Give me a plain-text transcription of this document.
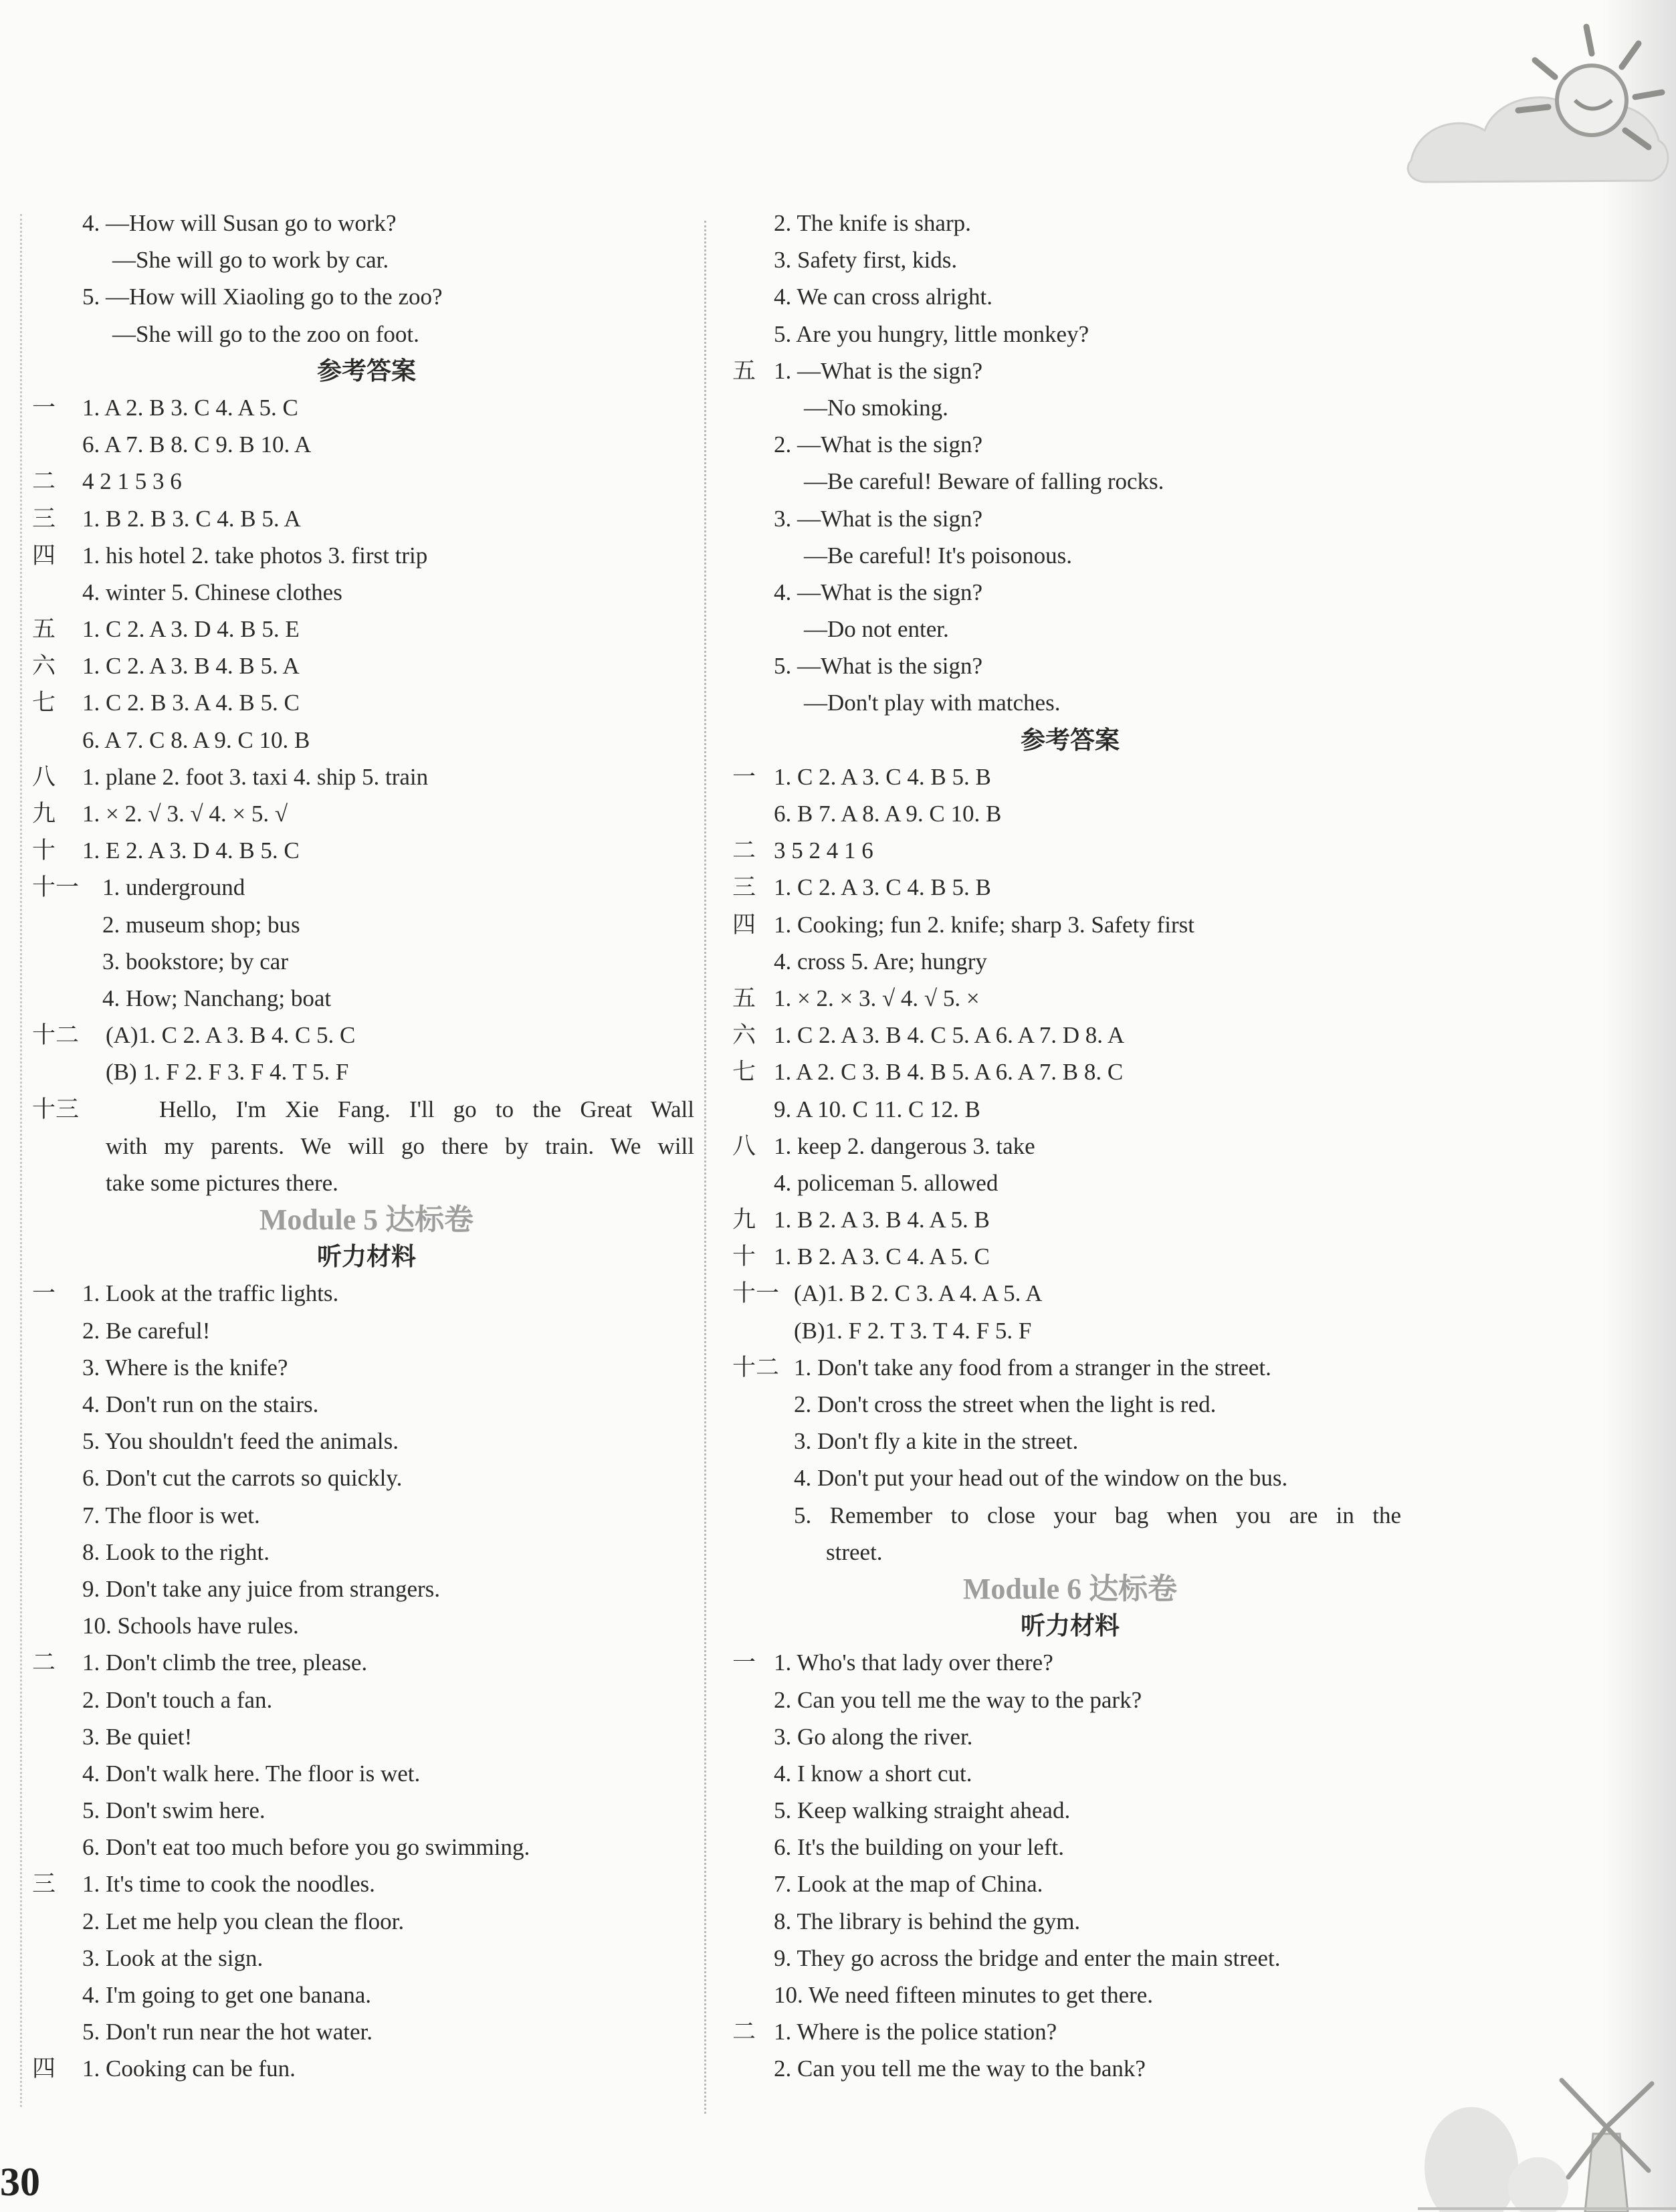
4. —How will Susan go to work?
—She will go to work by car.
5. —How will Xiaoling go to the zoo?
—She will go to the zoo on foot.
参考答案
一 1. A 2. B 3. C 4. A 5. C
6. A 7. B 8. C 9. B 10. A
二 4 2 1 5 3 6
三 1. B 2. B 3. C 4. B 5. A
四 1. his hotel 2. take photos 3. first trip
4. winter 5. Chinese clothes
五 1. C 2. A 3. D 4. B 5. E
六 1. C 2. A 3. B 4. B 5. A
七 1. C 2. B 3. A 4. B 5. C
6. A 7. C 8. A 9. C 10. B
八 1. plane 2. foot 3. taxi 4. ship 5. train
九 1. × 2. √ 3. √ 4. × 5. √
十 1. E 2. A 3. D 4. B 5. C
十一 1. underground
2. museum shop; bus
3. bookstore; by car
4. How; Nanchang; boat
十二 (A)1. C 2. A 3. B 4. C 5. C
(B) 1. F 2. F 3. F 4. T 5. F
十三	Hello, I'm Xie Fang. I'll go to the Great Wall
with my parents. We will go there by train. We will
take some pictures there.
Module 5 达标卷
听力材料
一 1. Look at the traffic lights.
2. Be careful!
3. Where is the knife?
4. Don't run on the stairs.
5. You shouldn't feed the animals.
6. Don't cut the carrots so quickly.
7. The floor is wet.
8. Look to the right.
9. Don't take any juice from strangers.
10. Schools have rules.
二 1. Don't climb the tree, please.
2. Don't touch a fan.
3. Be quiet!
4. Don't walk here. The floor is wet.
5. Don't swim here.
6. Don't eat too much before you go swimming.
三 1. It's time to cook the noodles.
2. Let me help you clean the floor.
3. Look at the sign.
4. I'm going to get one banana.
5. Don't run near the hot water.
四 1. Cooking can be fun.
2. The knife is sharp.
3. Safety first, kids.
4. We can cross alright.
5. Are you hungry, little monkey?
五 1. —What is the sign?
—No smoking.
2. —What is the sign?
—Be careful! Beware of falling rocks.
3. —What is the sign?
—Be careful! It's poisonous.
4. —What is the sign?
—Do not enter.
5. —What is the sign?
—Don't play with matches.
参考答案
一 1. C 2. A 3. C 4. B 5. B
6. B 7. A 8. A 9. C 10. B
二 3 5 2 4 1 6
三 1. C 2. A 3. C 4. B 5. B
四 1. Cooking; fun 2. knife; sharp 3. Safety first
4. cross 5. Are; hungry
五 1. × 2. × 3. √ 4. √ 5. ×
六 1. C 2. A 3. B 4. C 5. A 6. A 7. D 8. A
七 1. A 2. C 3. B 4. B 5. A 6. A 7. B 8. C
9. A 10. C 11. C 12. B
八 1. keep 2. dangerous 3. take
4. policeman 5. allowed
九 1. B 2. A 3. B 4. A 5. B
十 1. B 2. A 3. C 4. A 5. C
十一 (A)1. B 2. C 3. A 4. A 5. A
(B)1. F 2. T 3. T 4. F 5. F
十二 1. Don't take any food from a stranger in the street.
2. Don't cross the street when the light is red.
3. Don't fly a kite in the street.
4. Don't put your head out of the window on the bus.
5. Remember to close your bag when you are in the
street.
Module 6 达标卷
听力材料
一 1. Who's that lady over there?
2. Can you tell me the way to the park?
3. Go along the river.
4. I know a short cut.
5. Keep walking straight ahead.
6. It's the building on your left.
7. Look at the map of China.
8. The library is behind the gym.
9. They go across the bridge and enter the main street.
10. We need fifteen minutes to get there.
二 1. Where is the police station?
2. Can you tell me the way to the bank?
30
